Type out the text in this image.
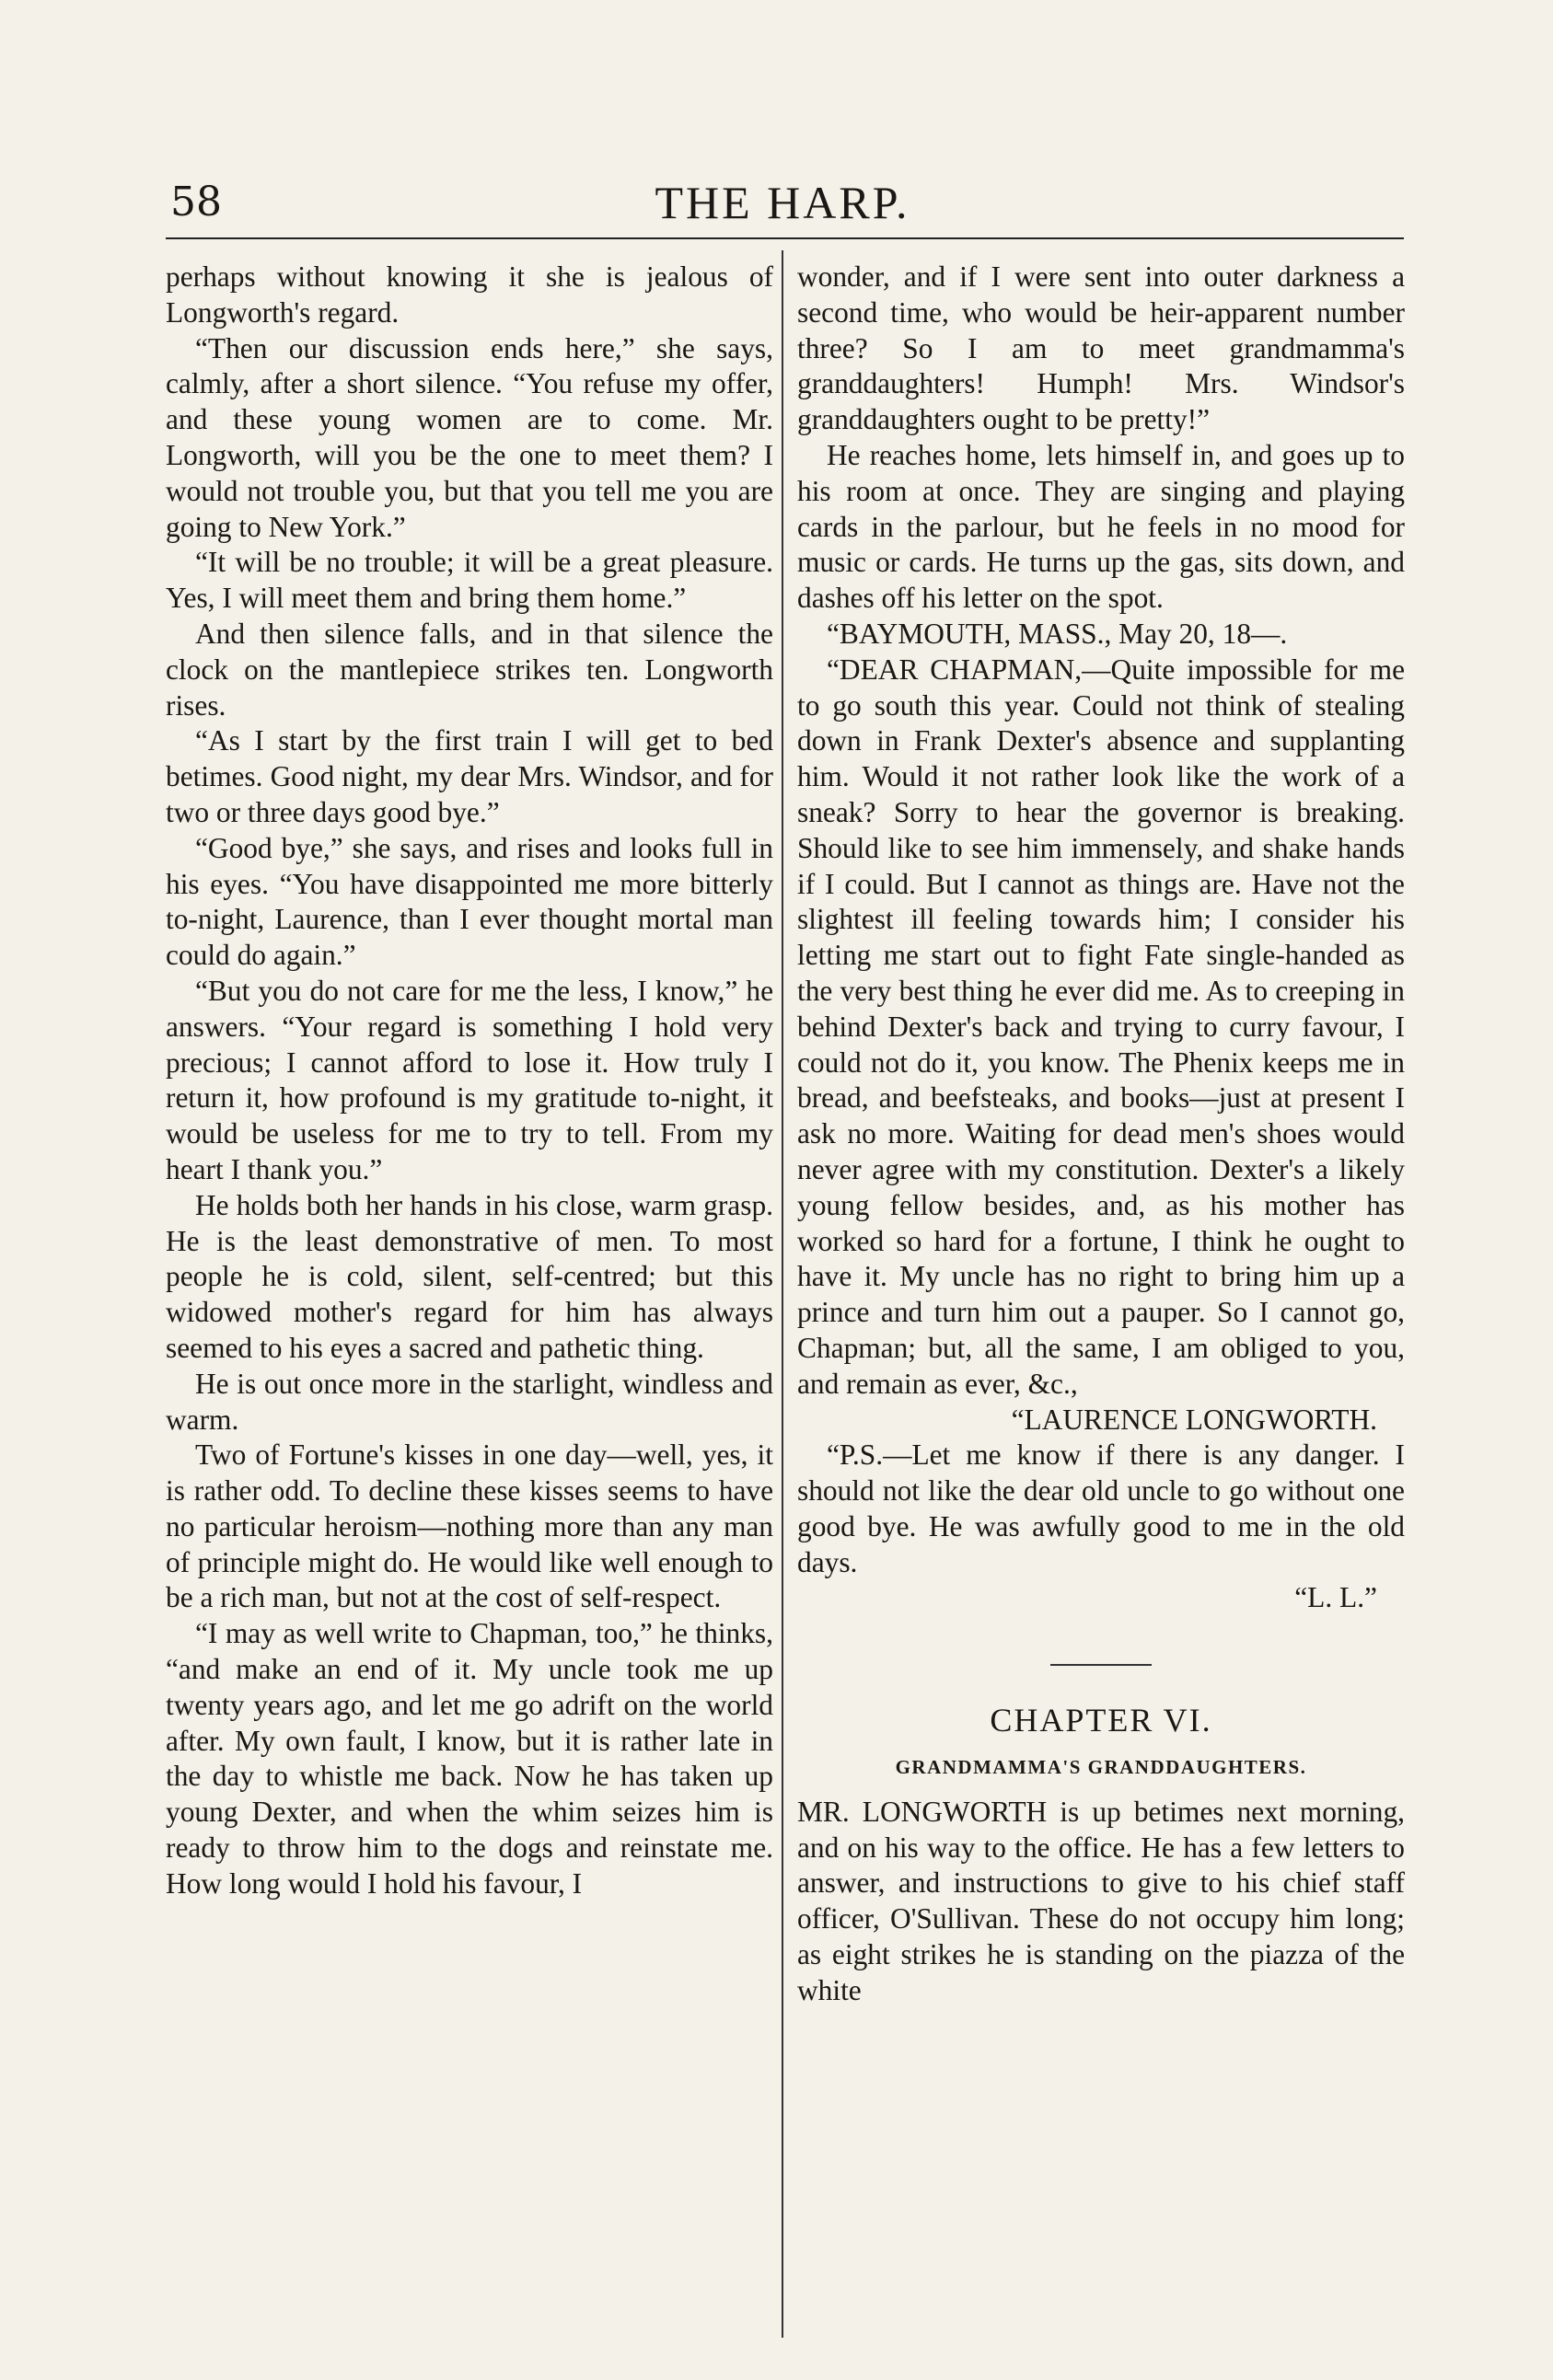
58	THE HARP.

perhaps without knowing it she is jealous of Longworth's regard.

“Then our discussion ends here,” she says, calmly, after a short silence. “You refuse my offer, and these young women are to come. Mr. Longworth, will you be the one to meet them? I would not trouble you, but that you tell me you are going to New York.”

“It will be no trouble; it will be a great pleasure. Yes, I will meet them and bring them home.”

And then silence falls, and in that silence the clock on the mantlepiece strikes ten. Longworth rises.

“As I start by the first train I will get to bed betimes. Good night, my dear Mrs. Windsor, and for two or three days good bye.”

“Good bye,” she says, and rises and looks full in his eyes. “You have disappointed me more bitterly to-night, Laurence, than I ever thought mortal man could do again.”

“But you do not care for me the less, I know,” he answers. “Your regard is something I hold very precious; I cannot afford to lose it. How truly I return it, how profound is my gratitude to-night, it would be useless for me to try to tell. From my heart I thank you.”

He holds both her hands in his close, warm grasp. He is the least demonstrative of men. To most people he is cold, silent, self-centred; but this widowed mother's regard for him has always seemed to his eyes a sacred and pathetic thing.

He is out once more in the starlight, windless and warm.

Two of Fortune's kisses in one day—well, yes, it is rather odd. To decline these kisses seems to have no particular heroism—nothing more than any man of principle might do. He would like well enough to be a rich man, but not at the cost of self-respect.

“I may as well write to Chapman, too,” he thinks, “and make an end of it. My uncle took me up twenty years ago, and let me go adrift on the world after. My own fault, I know, but it is rather late in the day to whistle me back. Now he has taken up young Dexter, and when the whim seizes him is ready to throw him to the dogs and reinstate me. How long would I hold his favour, I

wonder, and if I were sent into outer darkness a second time, who would be heir-apparent number three? So I am to meet grandmamma's granddaughters! Humph! Mrs. Windsor's granddaughters ought to be pretty!”

He reaches home, lets himself in, and goes up to his room at once. They are singing and playing cards in the parlour, but he feels in no mood for music or cards. He turns up the gas, sits down, and dashes off his letter on the spot.

“BAYMOUTH, MASS., May 20, 18—.

“DEAR CHAPMAN,—Quite impossible for me to go south this year. Could not think of stealing down in Frank Dexter's absence and supplanting him. Would it not rather look like the work of a sneak? Sorry to hear the governor is breaking. Should like to see him immensely, and shake hands if I could. But I cannot as things are. Have not the slightest ill feeling towards him; I consider his letting me start out to fight Fate single-handed as the very best thing he ever did me. As to creeping in behind Dexter's back and trying to curry favour, I could not do it, you know. The Phenix keeps me in bread, and beefsteaks, and books—just at present I ask no more. Waiting for dead men's shoes would never agree with my constitution. Dexter's a likely young fellow besides, and, as his mother has worked so hard for a fortune, I think he ought to have it. My uncle has no right to bring him up a prince and turn him out a pauper. So I cannot go, Chapman; but, all the same, I am obliged to you, and remain as ever, &c.,

“LAURENCE LONGWORTH.

“P.S.—Let me know if there is any danger. I should not like the dear old uncle to go without one good bye. He was awfully good to me in the old days.

“L. L.”

CHAPTER VI.
GRANDMAMMA'S GRANDDAUGHTERS.

MR. LONGWORTH is up betimes next morning, and on his way to the office. He has a few letters to answer, and instructions to give to his chief staff officer, O'Sullivan. These do not occupy him long; as eight strikes he is standing on the piazza of the white
